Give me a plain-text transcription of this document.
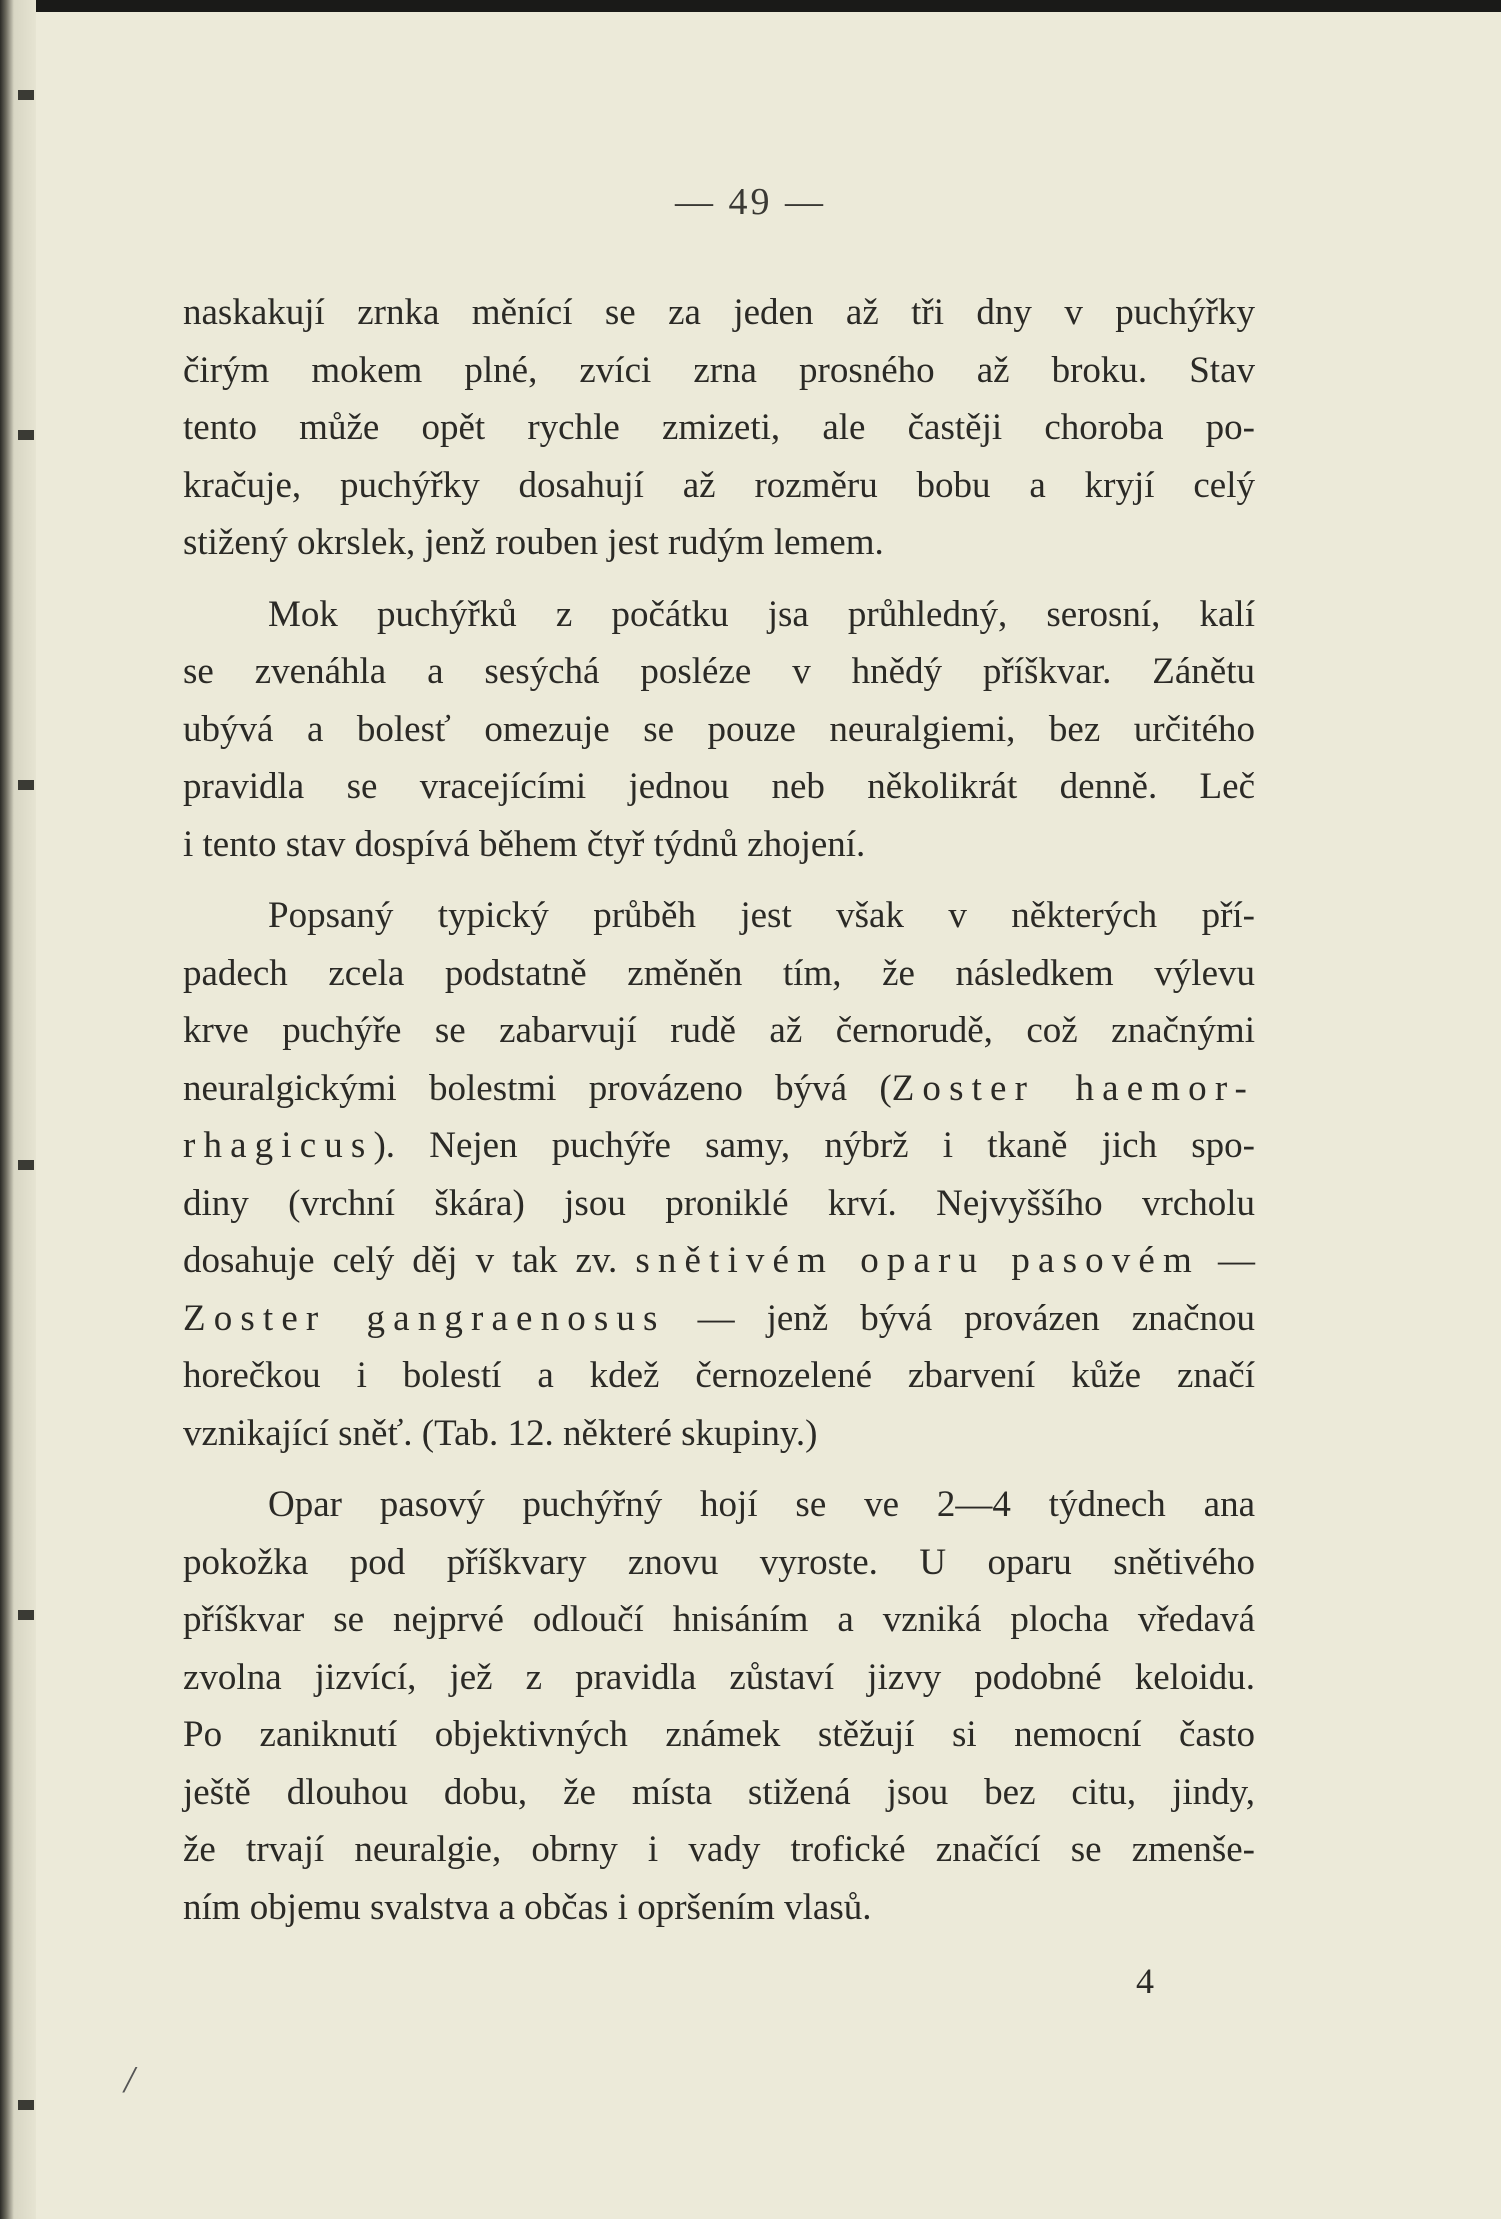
— 49 —
naskakují zrnka měnící se za jeden až tři dny v puchýřky
čirým mokem plné, zvíci zrna prosného až broku. Stav
tento může opět rychle zmizeti, ale častěji choroba po-
kračuje, puchýřky dosahují až rozměru bobu a kryjí celý
stižený okrslek, jenž rouben jest rudým lemem.
Mok puchýřků z počátku jsa průhledný, serosní, kalí
se zvenáhla a sesýchá posléze v hnědý příškvar. Zánětu
ubývá a bolesť omezuje se pouze neuralgiemi, bez určitého
pravidla se vracejícími jednou neb několikrát denně. Leč
i tento stav dospívá během čtyř týdnů zhojení.
Popsaný typický průběh jest však v některých pří-
padech zcela podstatně změněn tím, že následkem výlevu
krve puchýře se zabarvují rudě až černorudě, což značnými
neuralgickými bolestmi provázeno bývá (Zoster haemor-
rhagicus). Nejen puchýře samy, nýbrž i tkaně jich spo-
diny (vrchní škára) jsou proniklé krví. Nejvyššího vrcholu
dosahuje celý děj v tak zv. snětivém oparu pasovém —
Zoster gangraenosus — jenž bývá provázen značnou
horečkou i bolestí a kdež černozelené zbarvení kůže značí
vznikající sněť. (Tab. 12. některé skupiny.)
Opar pasový puchýřný hojí se ve 2—4 týdnech ana
pokožka pod příškvary znovu vyroste. U oparu snětivého
příškvar se nejprvé odloučí hnisáním a vzniká plocha vředavá
zvolna jizvící, jež z pravidla zůstaví jizvy podobné keloidu.
Po zaniknutí objektivných známek stěžují si nemocní často
ještě dlouhou dobu, že místa stižená jsou bez citu, jindy,
že trvají neuralgie, obrny i vady trofické značící se zmenše-
ním objemu svalstva a občas i opršením vlasů.
4
/
